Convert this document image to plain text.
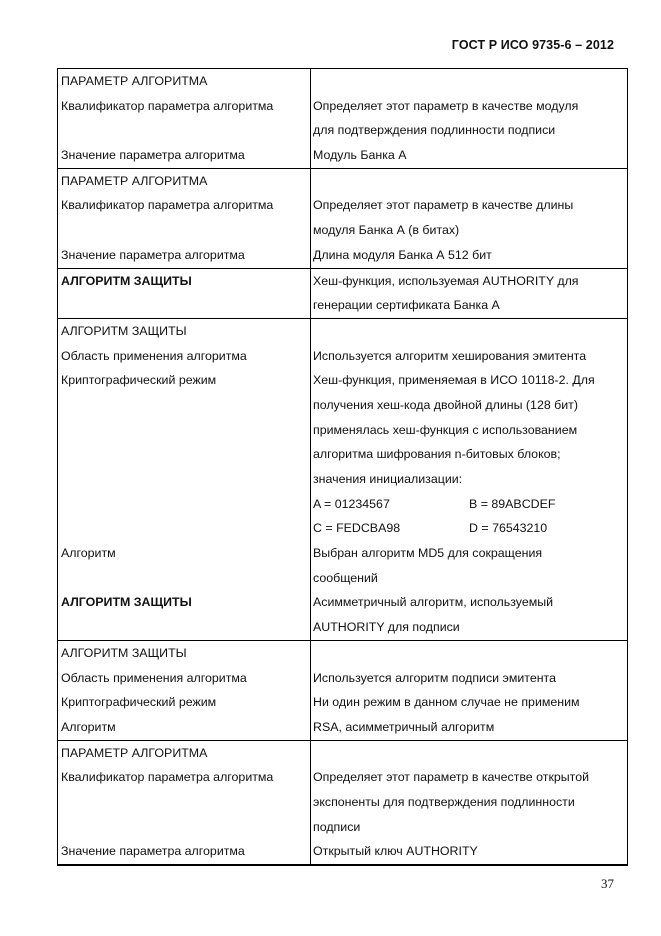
ГОСТ Р ИСО 9735-6 – 2012
ПАРАМЕТР АЛГОРИТМА
Квалификатор параметра алгоритма	Определяет этот параметр в качестве модуля
для подтверждения подлинности подписи
Значение параметра алгоритма	Модуль Банка А
ПАРАМЕТР АЛГОРИТМА
Квалификатор параметра алгоритма	Определяет этот параметр в качестве длины
модуля Банка А (в битах)
Значение параметра алгоритма	Длина модуля Банка А 512 бит
АЛГОРИТМ ЗАЩИТЫ	Хеш-функция, используемая AUTHORITY для
генерации сертификата Банка А
АЛГОРИТМ ЗАЩИТЫ
Область применения алгоритма	Используется алгоритм хеширования эмитента
Криптографический режим	Хеш-функция, применяемая в ИСО 10118-2. Для
получения хеш-кода двойной длины (128 бит)
применялась хеш-функция с использованием
алгоритма шифрования n-битовых блоков;
значения инициализации:
A = 01234567	B = 89ABCDEF
C = FEDCBA98	D = 76543210
Алгоритм	Выбран алгоритм MD5 для сокращения
сообщений
АЛГОРИТМ ЗАЩИТЫ	Асимметричный алгоритм, используемый
AUTHORITY для подписи
АЛГОРИТМ ЗАЩИТЫ
Область применения алгоритма	Используется алгоритм подписи эмитента
Криптографический режим	Ни один режим в данном случае не применим
Алгоритм	RSA, асимметричный алгоритм
ПАРАМЕТР АЛГОРИТМА
Квалификатор параметра алгоритма	Определяет этот параметр в качестве открытой
экспоненты для подтверждения подлинности
подписи
Значение параметра алгоритма	Открытый ключ AUTHORITY
37
